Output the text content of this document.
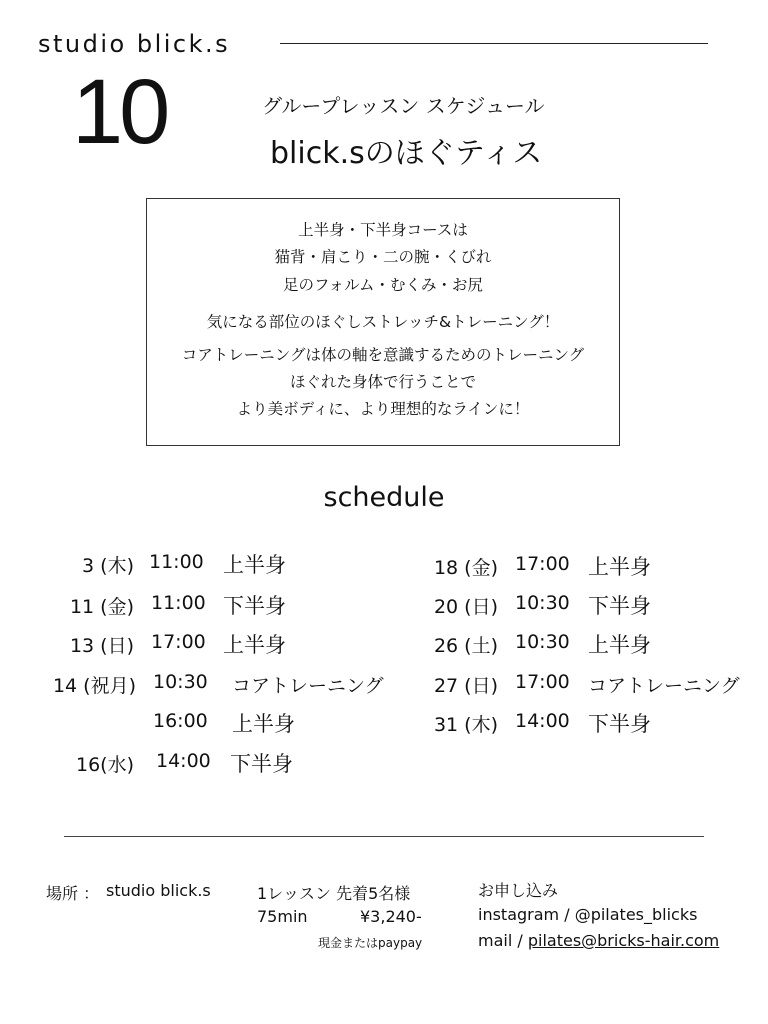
studio blick.s
10	グループレッスン スケジュール
blick.sのほぐティス
上半身・下半身コースは
猫背・肩こり・二の腕・くびれ
足のフォルム・むくみ・お尻
気になる部位のほぐしストレッチ&トレーニング！
コアトレーニングは体の軸を意識するためのトレーニング
ほぐれた身体で行うことで
より美ボディに、より理想的なラインに！
schedule
3 (木) 11:00 上半身
11 (金) 11:00 下半身
13 (日) 17:00 上半身
14 (祝月) 10:30 コアトレーニング
16:00 上半身
16(水) 14:00 下半身
18 (金) 17:00 上半身
20 (日) 10:30 下半身
26 (土) 10:30 上半身
27 (日) 17:00 コアトレーニング
31 (木) 14:00 下半身
場所 ： studio blick.s	1レッスン 先着5名様
75min	¥3,240-
現金またはpaypay
お申し込み
instagram / @pilates_blicks
mail / pilates@bricks-hair.com
